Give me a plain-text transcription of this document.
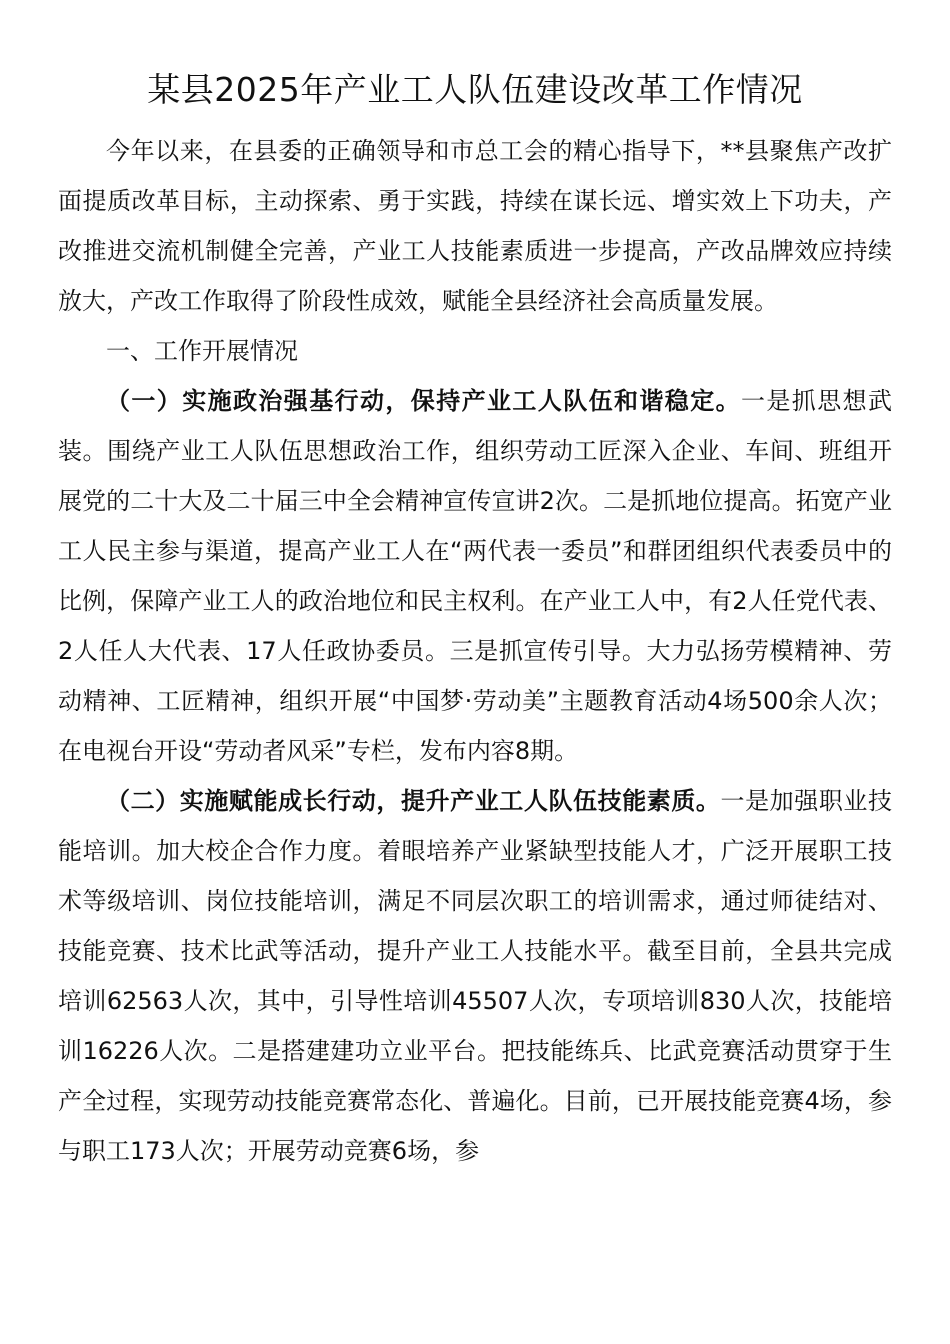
某县2025年产业工人队伍建设改革工作情况

今年以来，在县委的正确领导和市总工会的精心指导下，**县聚焦产改扩面提质改革目标，主动探索、勇于实践，持续在谋长远、增实效上下功夫，产改推进交流机制健全完善，产业工人技能素质进一步提高，产改品牌效应持续放大，产改工作取得了阶段性成效，赋能全县经济社会高质量发展。

一、工作开展情况

（一）实施政治强基行动，保持产业工人队伍和谐稳定。一是抓思想武装。围绕产业工人队伍思想政治工作，组织劳动工匠深入企业、车间、班组开展党的二十大及二十届三中全会精神宣传宣讲2次。二是抓地位提高。拓宽产业工人民主参与渠道，提高产业工人在“两代表一委员”和群团组织代表委员中的比例，保障产业工人的政治地位和民主权利。在产业工人中，有2人任党代表、2人任人大代表、17人任政协委员。三是抓宣传引导。大力弘扬劳模精神、劳动精神、工匠精神，组织开展“中国梦·劳动美”主题教育活动4场500余人次；在电视台开设“劳动者风采”专栏，发布内容8期。

（二）实施赋能成长行动，提升产业工人队伍技能素质。一是加强职业技能培训。加大校企合作力度。着眼培养产业紧缺型技能人才，广泛开展职工技术等级培训、岗位技能培训，满足不同层次职工的培训需求，通过师徒结对、技能竞赛、技术比武等活动，提升产业工人技能水平。截至目前，全县共完成培训62563人次，其中，引导性培训45507人次，专项培训830人次，技能培训16226人次。二是搭建建功立业平台。把技能练兵、比武竞赛活动贯穿于生产全过程，实现劳动技能竞赛常态化、普遍化。目前，已开展技能竞赛4场，参与职工173人次；开展劳动竞赛6场，参
